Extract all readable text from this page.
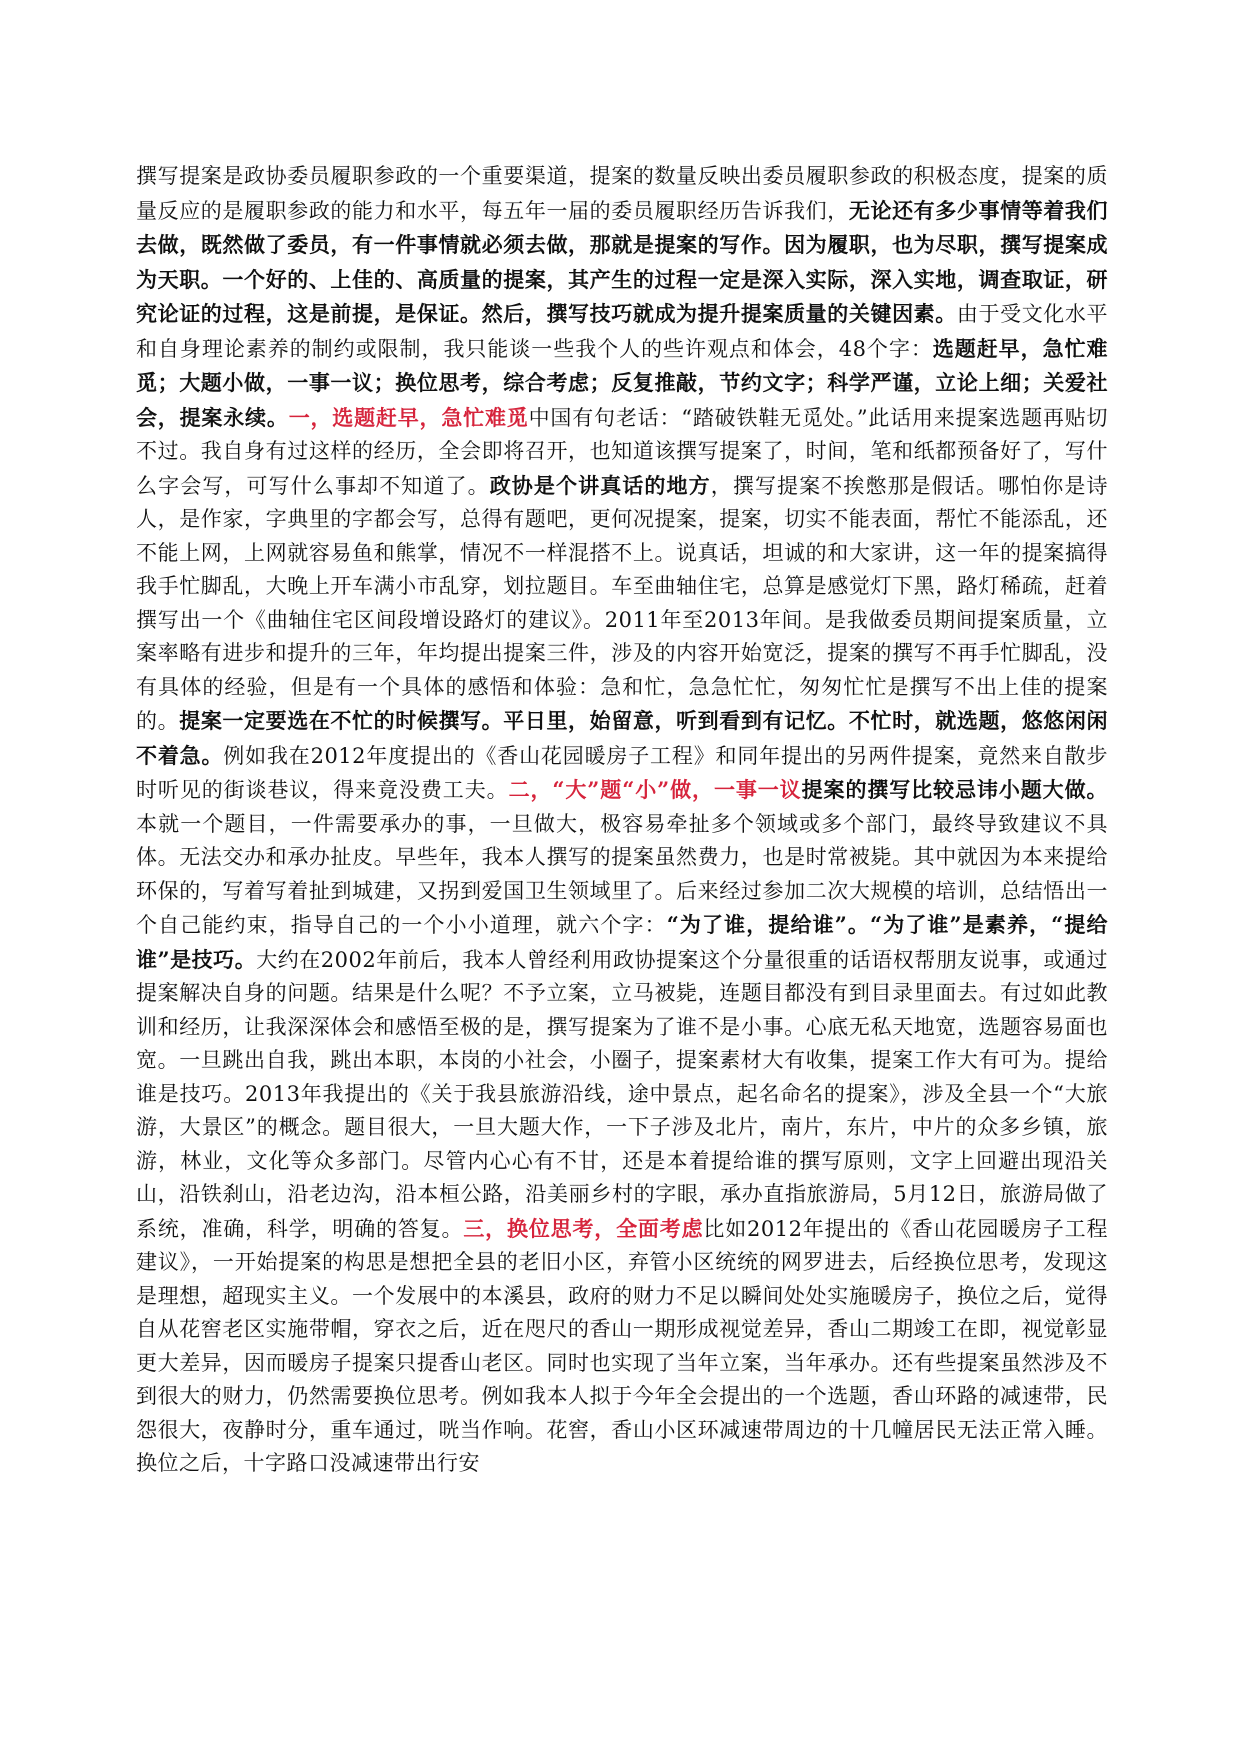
撰写提案是政协委员履职参政的一个重要渠道，提案的数量反映出委员履职参政的积极态度，提案的质量反应的是履职参政的能力和水平，每五年一届的委员履职经历告诉我们，无论还有多少事情等着我们去做，既然做了委员，有一件事情就必须去做，那就是提案的写作。因为履职，也为尽职，撰写提案成为天职。一个好的、上佳的、高质量的提案，其产生的过程一定是深入实际，深入实地，调查取证，研究论证的过程，这是前提，是保证。然后，撰写技巧就成为提升提案质量的关键因素。由于受文化水平和自身理论素养的制约或限制，我只能谈一些我个人的些许观点和体会，48个字：选题赶早，急忙难觅；大题小做，一事一议；换位思考，综合考虑；反复推敲，节约文字；科学严谨，立论上细；关爱社会，提案永续。一，选题赶早，急忙难觅中国有句老话：“踏破铁鞋无觅处。”此话用来提案选题再贴切不过。我自身有过这样的经历，全会即将召开，也知道该撰写提案了，时间，笔和纸都预备好了，写什么字会写，可写什么事却不知道了。政协是个讲真话的地方，撰写提案不挨憋那是假话。哪怕你是诗人，是作家，字典里的字都会写，总得有题吧，更何况提案，提案，切实不能表面，帮忙不能添乱，还不能上网，上网就容易鱼和熊掌，情况不一样混搭不上。说真话，坦诚的和大家讲，这一年的提案搞得我手忙脚乱，大晚上开车满小市乱穿，划拉题目。车至曲轴住宅，总算是感觉灯下黑，路灯稀疏，赶着撰写出一个《曲轴住宅区间段增设路灯的建议》。2011年至2013年间。是我做委员期间提案质量，立案率略有进步和提升的三年，年均提出提案三件，涉及的内容开始宽泛，提案的撰写不再手忙脚乱，没有具体的经验，但是有一个具体的感悟和体验：急和忙，急急忙忙，匆匆忙忙是撰写不出上佳的提案的。提案一定要选在不忙的时候撰写。平日里，始留意，听到看到有记忆。不忙时，就选题，悠悠闲闲不着急。例如我在2012年度提出的《香山花园暖房子工程》和同年提出的另两件提案，竟然来自散步时听见的街谈巷议，得来竟没费工夫。二，“大”题“小”做，一事一议提案的撰写比较忌讳小题大做。本就一个题目，一件需要承办的事，一旦做大，极容易牵扯多个领域或多个部门，最终导致建议不具体。无法交办和承办扯皮。早些年，我本人撰写的提案虽然费力，也是时常被毙。其中就因为本来提给环保的，写着写着扯到城建，又拐到爱国卫生领域里了。后来经过参加二次大规模的培训，总结悟出一个自己能约束，指导自己的一个小小道理，就六个字：“为了谁，提给谁”。“为了谁”是素养，“提给谁”是技巧。大约在2002年前后，我本人曾经利用政协提案这个分量很重的话语权帮朋友说事，或通过提案解决自身的问题。结果是什么呢？不予立案，立马被毙，连题目都没有到目录里面去。有过如此教训和经历，让我深深体会和感悟至极的是，撰写提案为了谁不是小事。心底无私天地宽，选题容易面也宽。一旦跳出自我，跳出本职，本岗的小社会，小圈子，提案素材大有收集，提案工作大有可为。提给谁是技巧。2013年我提出的《关于我县旅游沿线，途中景点，起名命名的提案》，涉及全县一个“大旅游，大景区”的概念。题目很大，一旦大题大作，一下子涉及北片，南片，东片，中片的众多乡镇，旅游，林业，文化等众多部门。尽管内心心有不甘，还是本着提给谁的撰写原则，文字上回避出现沿关山，沿铁刹山，沿老边沟，沿本桓公路，沿美丽乡村的字眼，承办直指旅游局，5月12日，旅游局做了系统，准确，科学，明确的答复。三，换位思考，全面考虑比如2012年提出的《香山花园暖房子工程建议》，一开始提案的构思是想把全县的老旧小区，弃管小区统统的网罗进去，后经换位思考，发现这是理想，超现实主义。一个发展中的本溪县，政府的财力不足以瞬间处处实施暖房子，换位之后，觉得自从花窖老区实施带帽，穿衣之后，近在咫尺的香山一期形成视觉差异，香山二期竣工在即，视觉彰显更大差异，因而暖房子提案只提香山老区。同时也实现了当年立案，当年承办。还有些提案虽然涉及不到很大的财力，仍然需要换位思考。例如我本人拟于今年全会提出的一个选题，香山环路的减速带，民怨很大，夜静时分，重车通过，咣当作响。花窖，香山小区环减速带周边的十几幢居民无法正常入睡。换位之后，十字路口没减速带出行安
